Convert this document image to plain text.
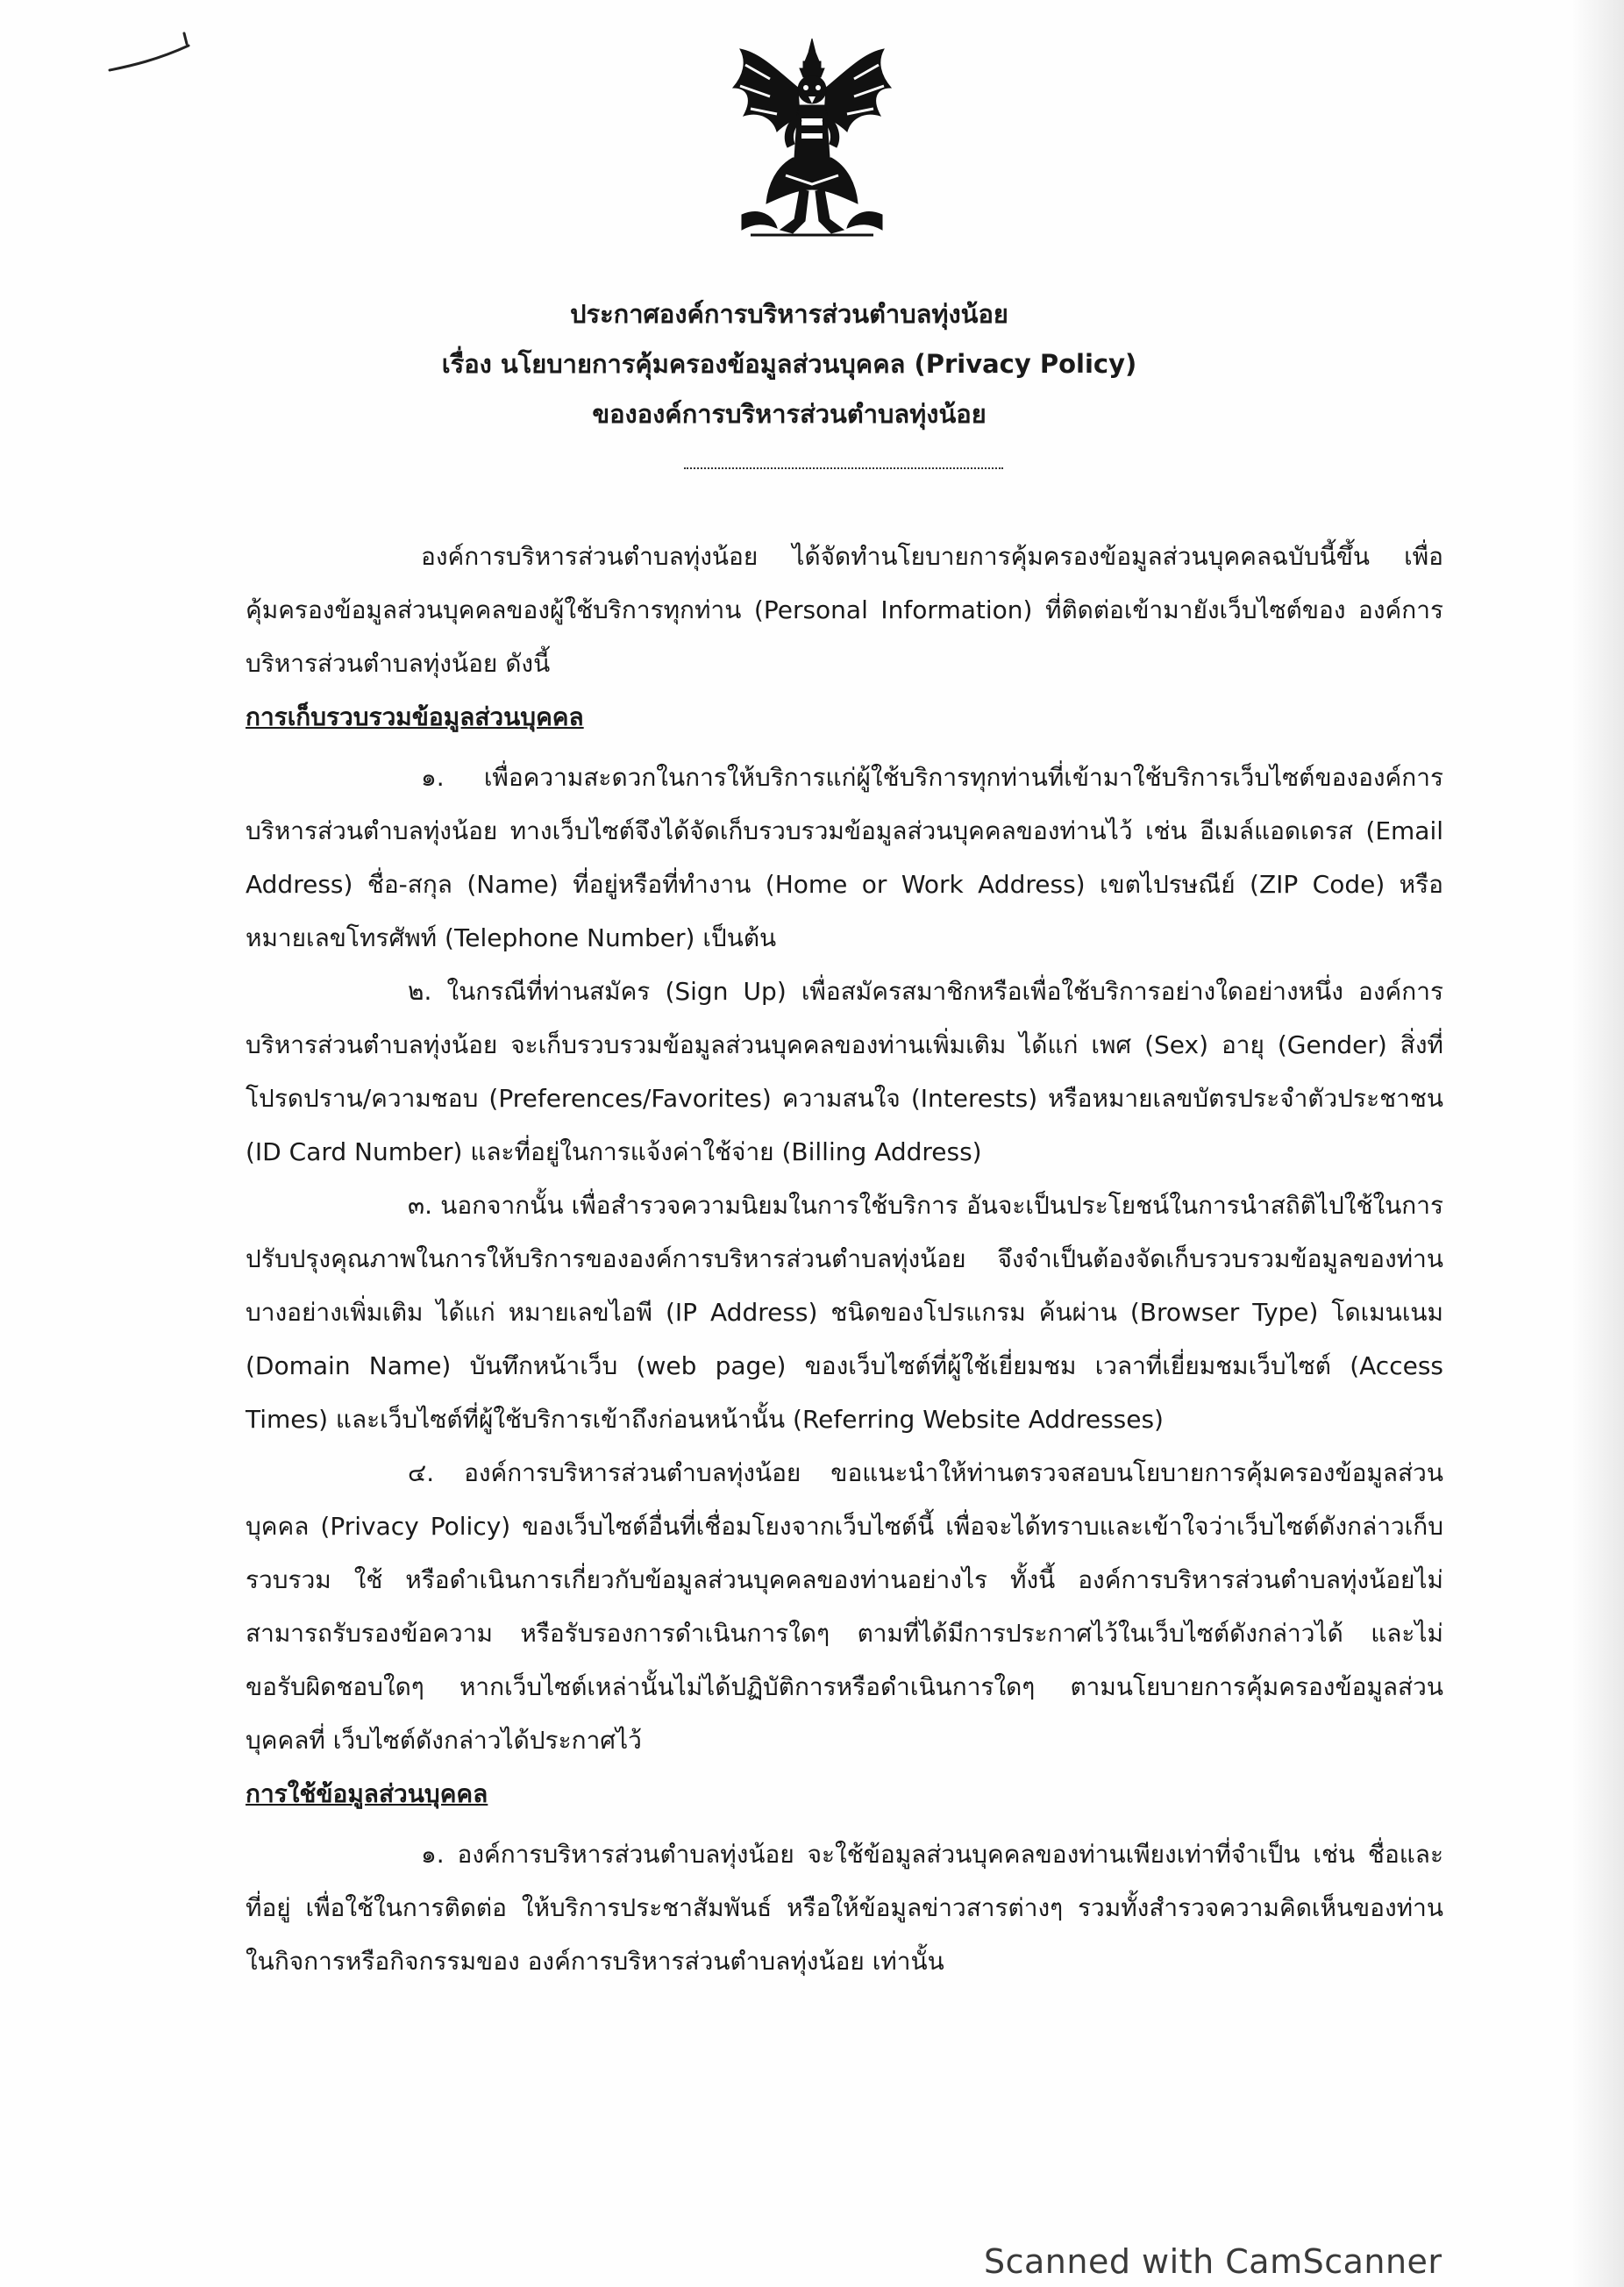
ประกาศองค์การบริหารส่วนตำบลทุ่งน้อย
เรื่อง นโยบายการคุ้มครองข้อมูลส่วนบุคคล (Privacy Policy)
ขององค์การบริหารส่วนตำบลทุ่งน้อย

องค์การบริหารส่วนตำบลทุ่งน้อย ได้จัดทำนโยบายการคุ้มครองข้อมูลส่วนบุคคลฉบับนี้ขึ้น เพื่อคุ้มครองข้อมูลส่วนบุคคลของผู้ใช้บริการทุกท่าน (Personal Information) ที่ติดต่อเข้ามายังเว็บไซต์ของ องค์การบริหารส่วนตำบลทุ่งน้อย ดังนี้

การเก็บรวบรวมข้อมูลส่วนบุคคล

๑. เพื่อความสะดวกในการให้บริการแก่ผู้ใช้บริการทุกท่านที่เข้ามาใช้บริการเว็บไซต์ขององค์การบริหารส่วนตำบลทุ่งน้อย ทางเว็บไซต์จึงได้จัดเก็บรวบรวมข้อมูลส่วนบุคคลของท่านไว้ เช่น อีเมล์แอดเดรส (Email Address) ชื่อ-สกุล (Name) ที่อยู่หรือที่ทำงาน (Home or Work Address) เขตไปรษณีย์ (ZIP Code) หรือหมายเลขโทรศัพท์ (Telephone Number) เป็นต้น

๒. ในกรณีที่ท่านสมัคร (Sign Up) เพื่อสมัครสมาชิกหรือเพื่อใช้บริการอย่างใดอย่างหนึ่ง องค์การบริหารส่วนตำบลทุ่งน้อย จะเก็บรวบรวมข้อมูลส่วนบุคคลของท่านเพิ่มเติม ได้แก่ เพศ (Sex) อายุ (Gender) สิ่งที่โปรดปราน/ความชอบ (Preferences/Favorites) ความสนใจ (Interests) หรือหมายเลขบัตรประจำตัวประชาชน (ID Card Number) และที่อยู่ในการแจ้งค่าใช้จ่าย (Billing Address)

๓. นอกจากนั้น เพื่อสำรวจความนิยมในการใช้บริการ อันจะเป็นประโยชน์ในการนำสถิติไปใช้ในการปรับปรุงคุณภาพในการให้บริการขององค์การบริหารส่วนตำบลทุ่งน้อย จึงจำเป็นต้องจัดเก็บรวบรวมข้อมูลของท่านบางอย่างเพิ่มเติม ได้แก่ หมายเลขไอพี (IP Address) ชนิดของโปรแกรม ค้นผ่าน (Browser Type) โดเมนเนม (Domain Name) บันทึกหน้าเว็บ (web page) ของเว็บไซต์ที่ผู้ใช้เยี่ยมชม เวลาที่เยี่ยมชมเว็บไซต์ (Access Times) และเว็บไซต์ที่ผู้ใช้บริการเข้าถึงก่อนหน้านั้น (Referring Website Addresses)

๔. องค์การบริหารส่วนตำบลทุ่งน้อย ขอแนะนำให้ท่านตรวจสอบนโยบายการคุ้มครองข้อมูลส่วนบุคคล (Privacy Policy) ของเว็บไซต์อื่นที่เชื่อมโยงจากเว็บไซต์นี้ เพื่อจะได้ทราบและเข้าใจว่าเว็บไซต์ดังกล่าวเก็บรวบรวม ใช้ หรือดำเนินการเกี่ยวกับข้อมูลส่วนบุคคลของท่านอย่างไร ทั้งนี้ องค์การบริหารส่วนตำบลทุ่งน้อยไม่สามารถรับรองข้อความ หรือรับรองการดำเนินการใดๆ ตามที่ได้มีการประกาศไว้ในเว็บไซต์ดังกล่าวได้ และไม่ขอรับผิดชอบใดๆ หากเว็บไซต์เหล่านั้นไม่ได้ปฏิบัติการหรือดำเนินการใดๆ ตามนโยบายการคุ้มครองข้อมูลส่วนบุคคลที่ เว็บไซต์ดังกล่าวได้ประกาศไว้

การใช้ข้อมูลส่วนบุคคล

๑. องค์การบริหารส่วนตำบลทุ่งน้อย จะใช้ข้อมูลส่วนบุคคลของท่านเพียงเท่าที่จำเป็น เช่น ชื่อและ ที่อยู่ เพื่อใช้ในการติดต่อ ให้บริการประชาสัมพันธ์ หรือให้ข้อมูลข่าวสารต่างๆ รวมทั้งสำรวจความคิดเห็นของท่านในกิจการหรือกิจกรรมของ องค์การบริหารส่วนตำบลทุ่งน้อย เท่านั้น

Scanned with CamScanner
